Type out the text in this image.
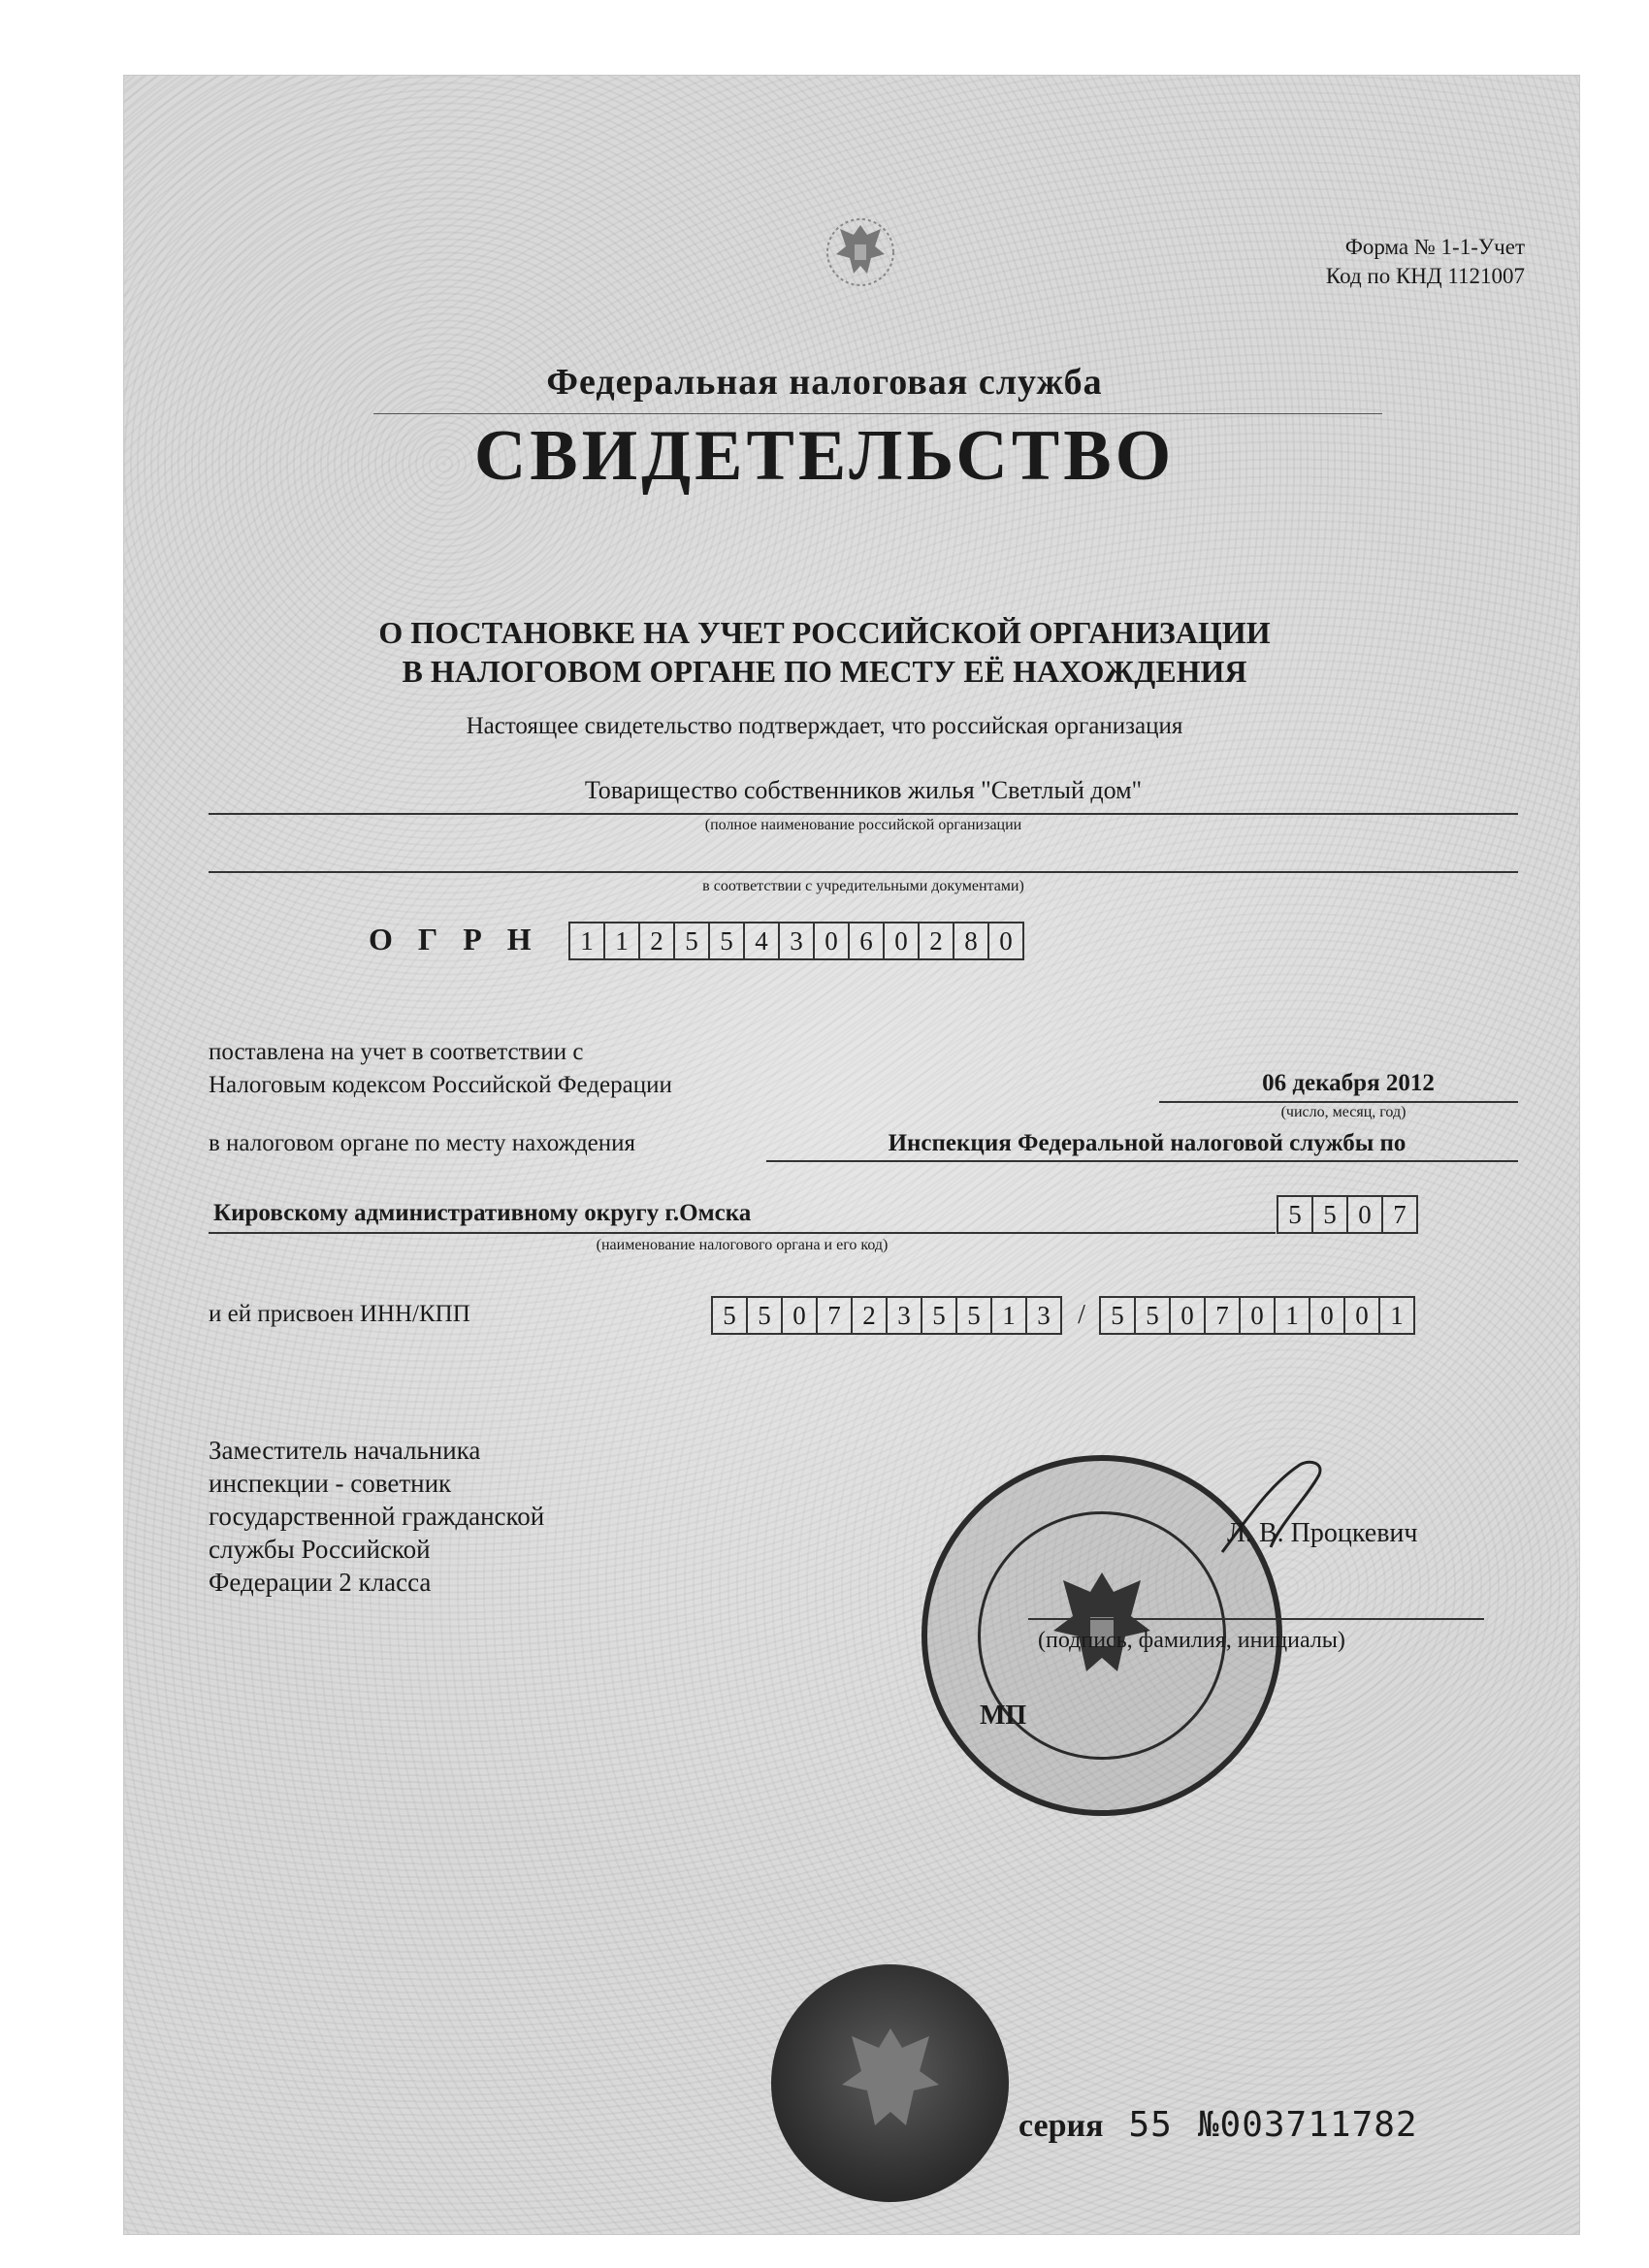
Форма № 1-1-Учет
Код по КНД 1121007
Федеральная налоговая служба
СВИДЕТЕЛЬСТВО
О ПОСТАНОВКЕ НА УЧЕТ РОССИЙСКОЙ ОРГАНИЗАЦИИ
В НАЛОГОВОМ ОРГАНЕ ПО МЕСТУ ЕЁ НАХОЖДЕНИЯ
Настоящее свидетельство подтверждает, что российская организация
Товарищество собственников жилья "Светлый дом"
(полное наименование российской организации
в соответствии с учредительными документами)
ОГРН 1 1 2 5 5 4 3 0 6 0 2 8 0
поставлена на учет в соответствии с
Налоговым кодексом Российской Федерации	06 декабря 2012
(число, месяц, год)
в налоговом органе по месту нахождения	Инспекция Федеральной налоговой службы по
Кировскому административному округу г.Омска	5 5 0 7
(наименование налогового органа и его код)
и ей присвоен ИНН/КПП	5 5 0 7 2 3 5 5 1 3	/ 5 5 0 7 0 1 0 0 1
Заместитель начальника
инспекции - советник
государственной гражданской
службы Российской
Федерации 2 класса
Л. В. Процкевич
(подпись, фамилия, инициалы)
МП
серия 55 №003711782
